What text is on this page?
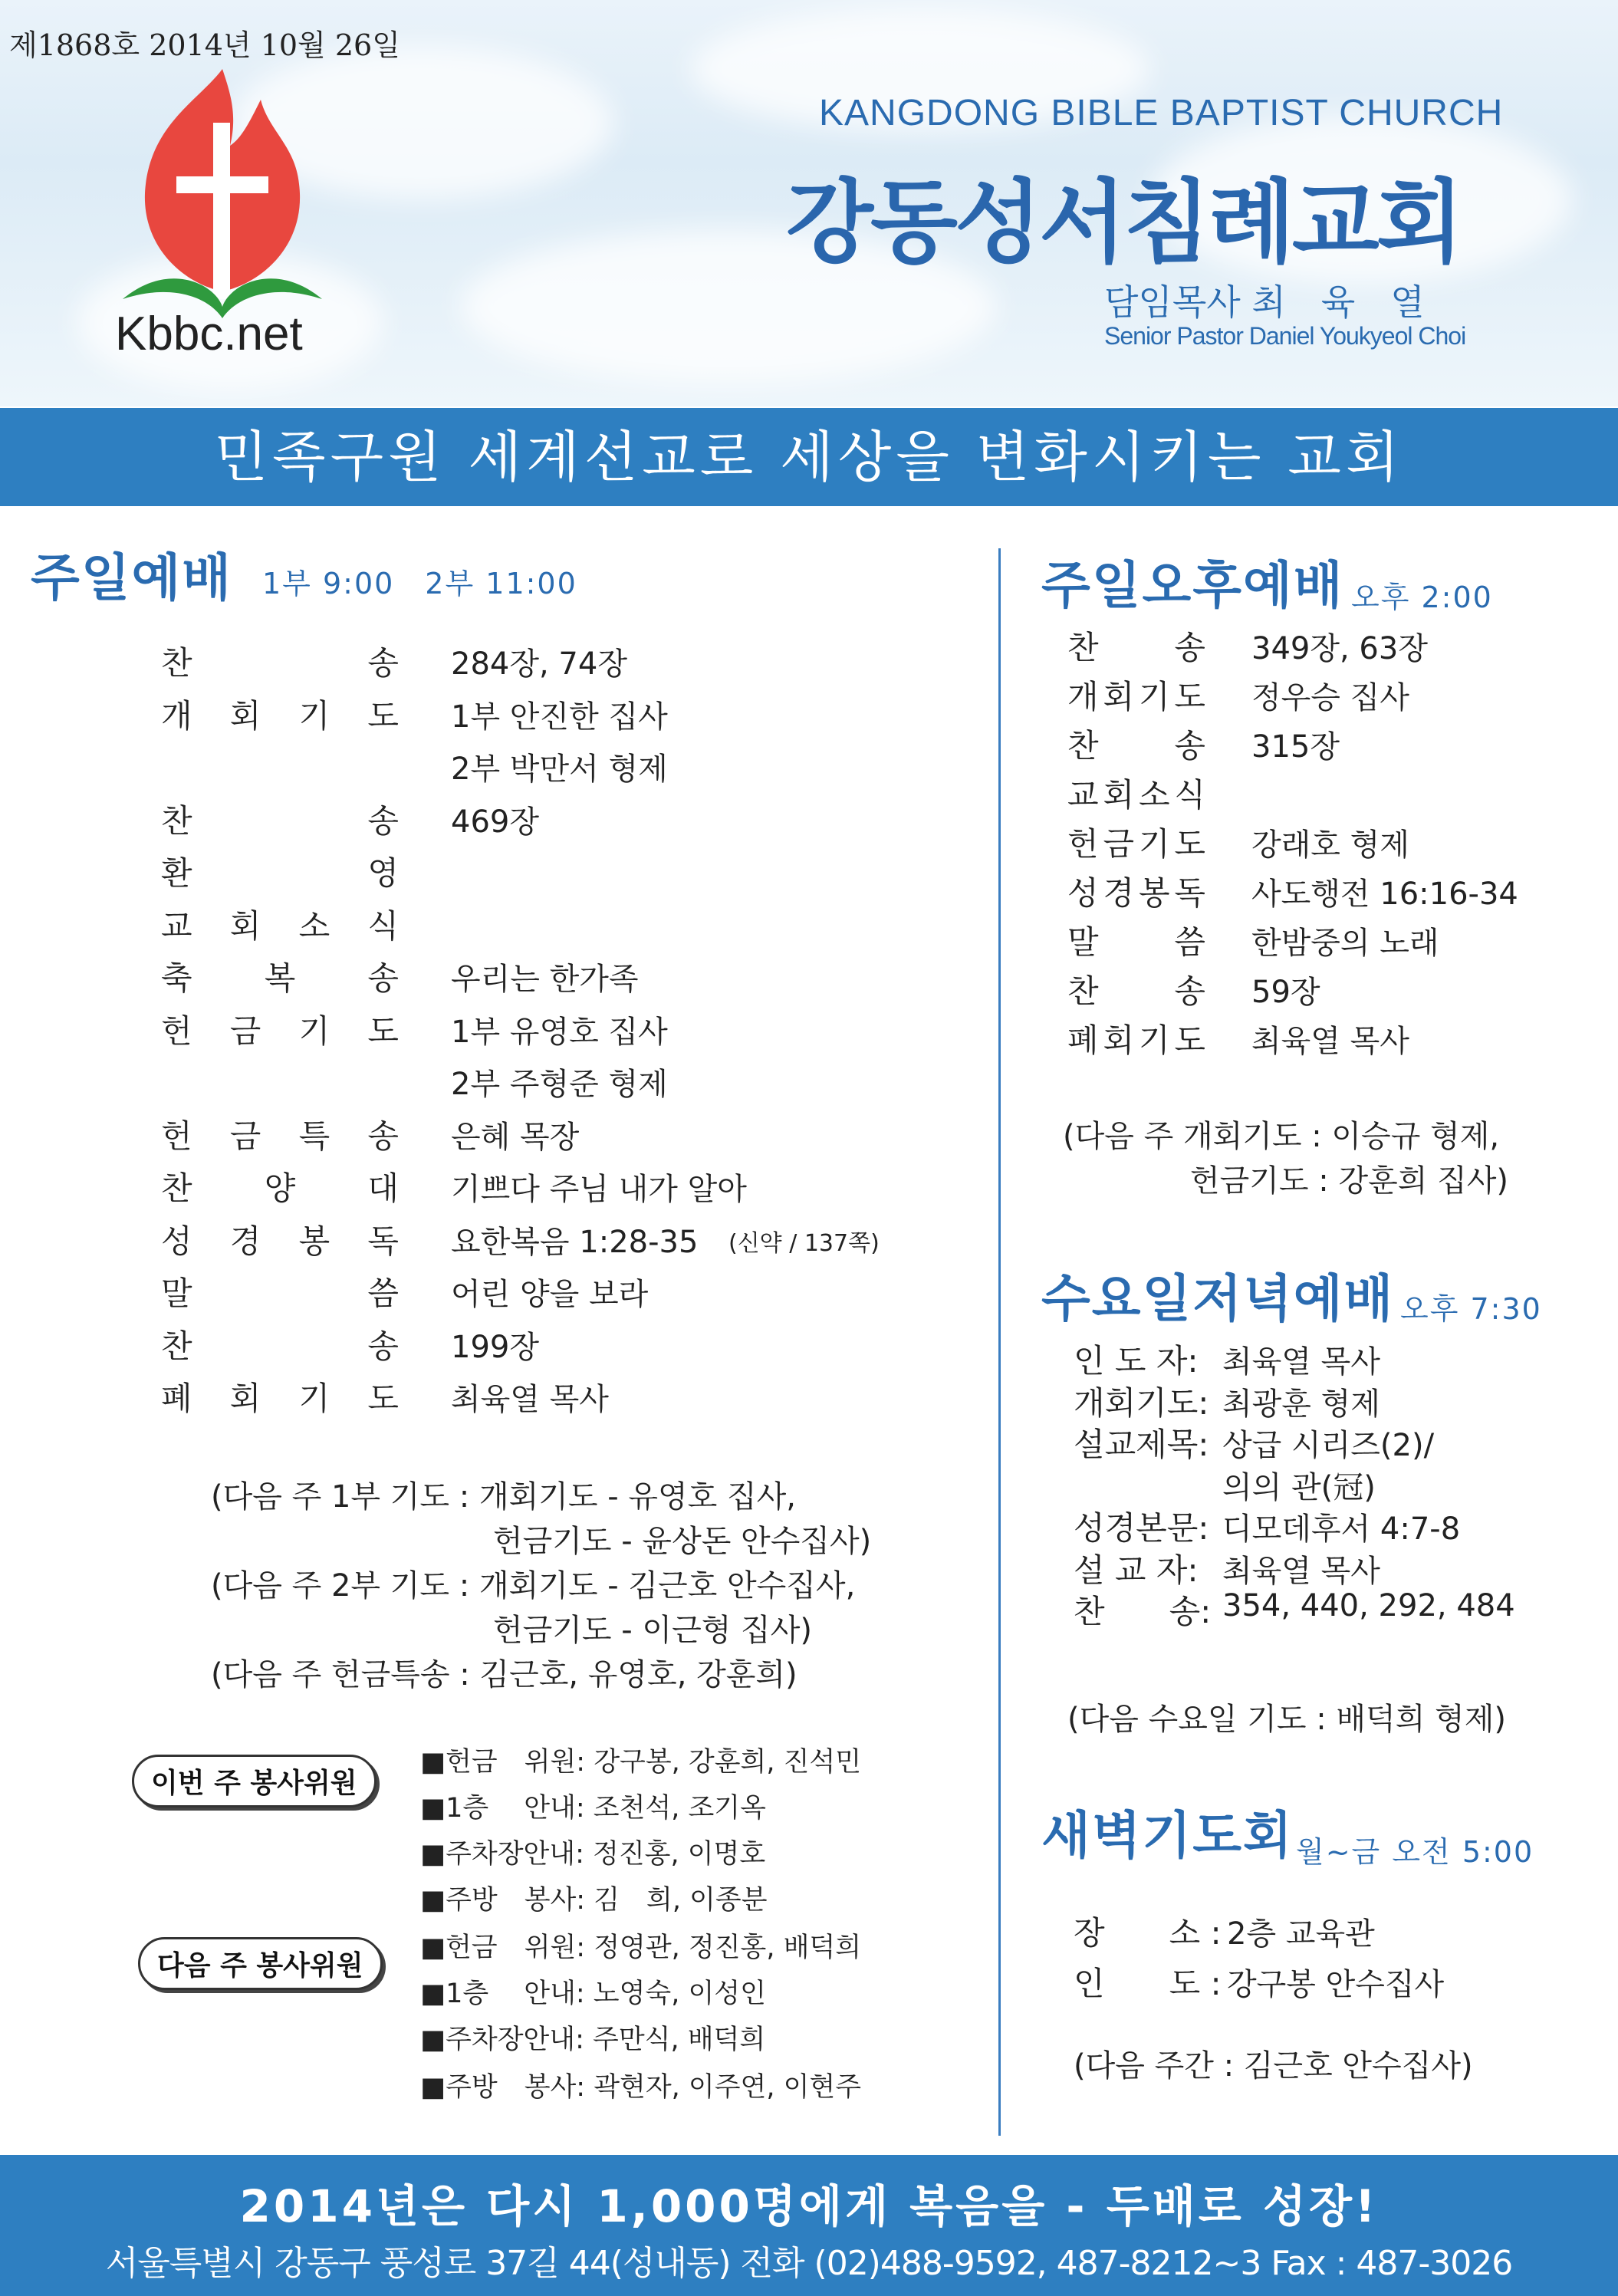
제1868호 2014년 10월 26일
Kbbc.net
KANGDONG BIBLE BAPTIST CHURCH
강동성서침례교회
담임목사 최　육　열
Senior Pastor Daniel Youkyeol Choi
민족구원 세계선교로 세상을 변화시키는 교회
주일예배 1부 9:00　2부 11:00
찬	송 284장, 74장
개 회 기 도 1부 안진한 집사
2부 박만서 형제
찬	송 469장
환	영
교 회 소 식
축 복 송 우리는 한가족
헌 금 기 도 1부 유영호 집사
2부 주형준 형제
헌 금 특 송 은혜 목장
찬 양 대 기쁘다 주님 내가 알아
성 경 봉 독 요한복음 1:28-35
말	씀 어린 양을 보라
찬	송 199장
폐 회 기 도 최육열 목사
(신약 / 137쪽)
(다음 주 1부 기도 : 개회기도 - 유영호 집사,
헌금기도 - 윤상돈 안수집사)
(다음 주 2부 기도 : 개회기도 - 김근호 안수집사,
헌금기도 - 이근형 집사)
(다음 주 헌금특송 : 김근호, 유영호, 강훈희)
이번 주 봉사위원
다음 주 봉사위원
■헌금　위원: 강구봉, 강훈희, 진석민
■1층　 안내: 조천석, 조기옥
■주차장안내: 정진홍, 이명호
■주방　봉사: 김　희, 이종분
■헌금　위원: 정영관, 정진홍, 배덕희
■1층　 안내: 노영숙, 이성인
■주차장안내: 주만식, 배덕희
■주방　봉사: 곽현자, 이주연, 이현주
주일오후예배 오후 2:00
찬 송 349장, 63장
개 회 기 도 정우승 집사
찬 송 315장
교 회 소 식
헌 금 기 도 강래호 형제
성 경 봉 독 사도행전 16:16-34
말 씀 한밤중의 노래
찬 송 59장
폐 회 기 도 최육열 목사
(다음 주 개회기도 : 이승규 형제,
헌금기도 : 강훈희 집사)
수요일저녁예배 오후 7:30
인 도 자: 최육열 목사
개회기도: 최광훈 형제
설교제목: 상급 시리즈(2)/
의의 관(冠)
성경본문: 디모데후서 4:7-8
설 교 자: 최육열 목사
찬　　송: 354, 440, 292, 484
(다음 수요일 기도 : 배덕희 형제)
새벽기도회 월~금 오전 5:00
장　　소 : 2층 교육관
인　　도 : 강구봉 안수집사
(다음 주간 : 김근호 안수집사)
2014년은 다시 1,000명에게 복음을 - 두배로 성장!
서울특별시 강동구 풍성로 37길 44(성내동) 전화 (02)488-9592, 487-8212~3 Fax : 487-3026
